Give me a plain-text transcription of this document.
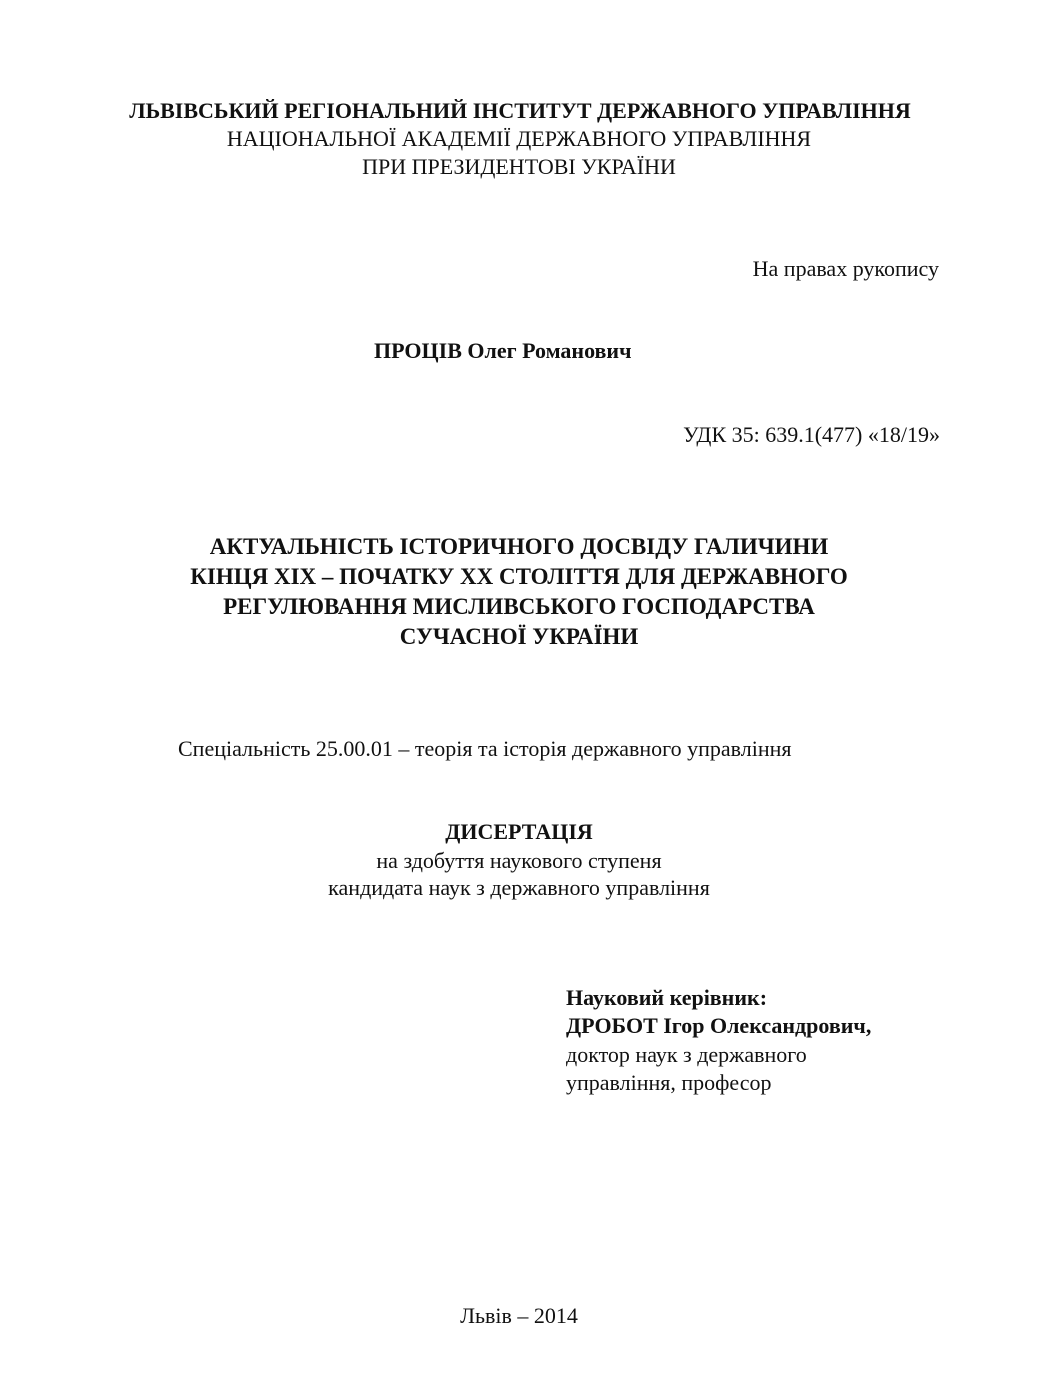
ЛЬВІВСЬКИЙ РЕГІОНАЛЬНИЙ ІНСТИТУТ ДЕРЖАВНОГО УПРАВЛІННЯ
НАЦІОНАЛЬНОЇ АКАДЕМІЇ ДЕРЖАВНОГО УПРАВЛІННЯ
ПРИ ПРЕЗИДЕНТОВІ УКРАЇНИ
На правах рукопису
ПРОЦІВ Олег Романович
УДК 35: 639.1(477) «18/19»
АКТУАЛЬНІСТЬ ІСТОРИЧНОГО ДОСВІДУ ГАЛИЧИНИ
КІНЦЯ XIX – ПОЧАТКУ XX СТОЛІТТЯ ДЛЯ ДЕРЖАВНОГО
РЕГУЛЮВАННЯ МИСЛИВСЬКОГО ГОСПОДАРСТВА
СУЧАСНОЇ УКРАЇНИ
Спеціальність 25.00.01 – теорія та історія державного управління
ДИСЕРТАЦІЯ
на здобуття наукового ступеня
кандидата наук з державного управління
Науковий керівник:
ДРОБОТ Ігор Олександрович,
доктор наук з державного
управління, професор
Львів – 2014
